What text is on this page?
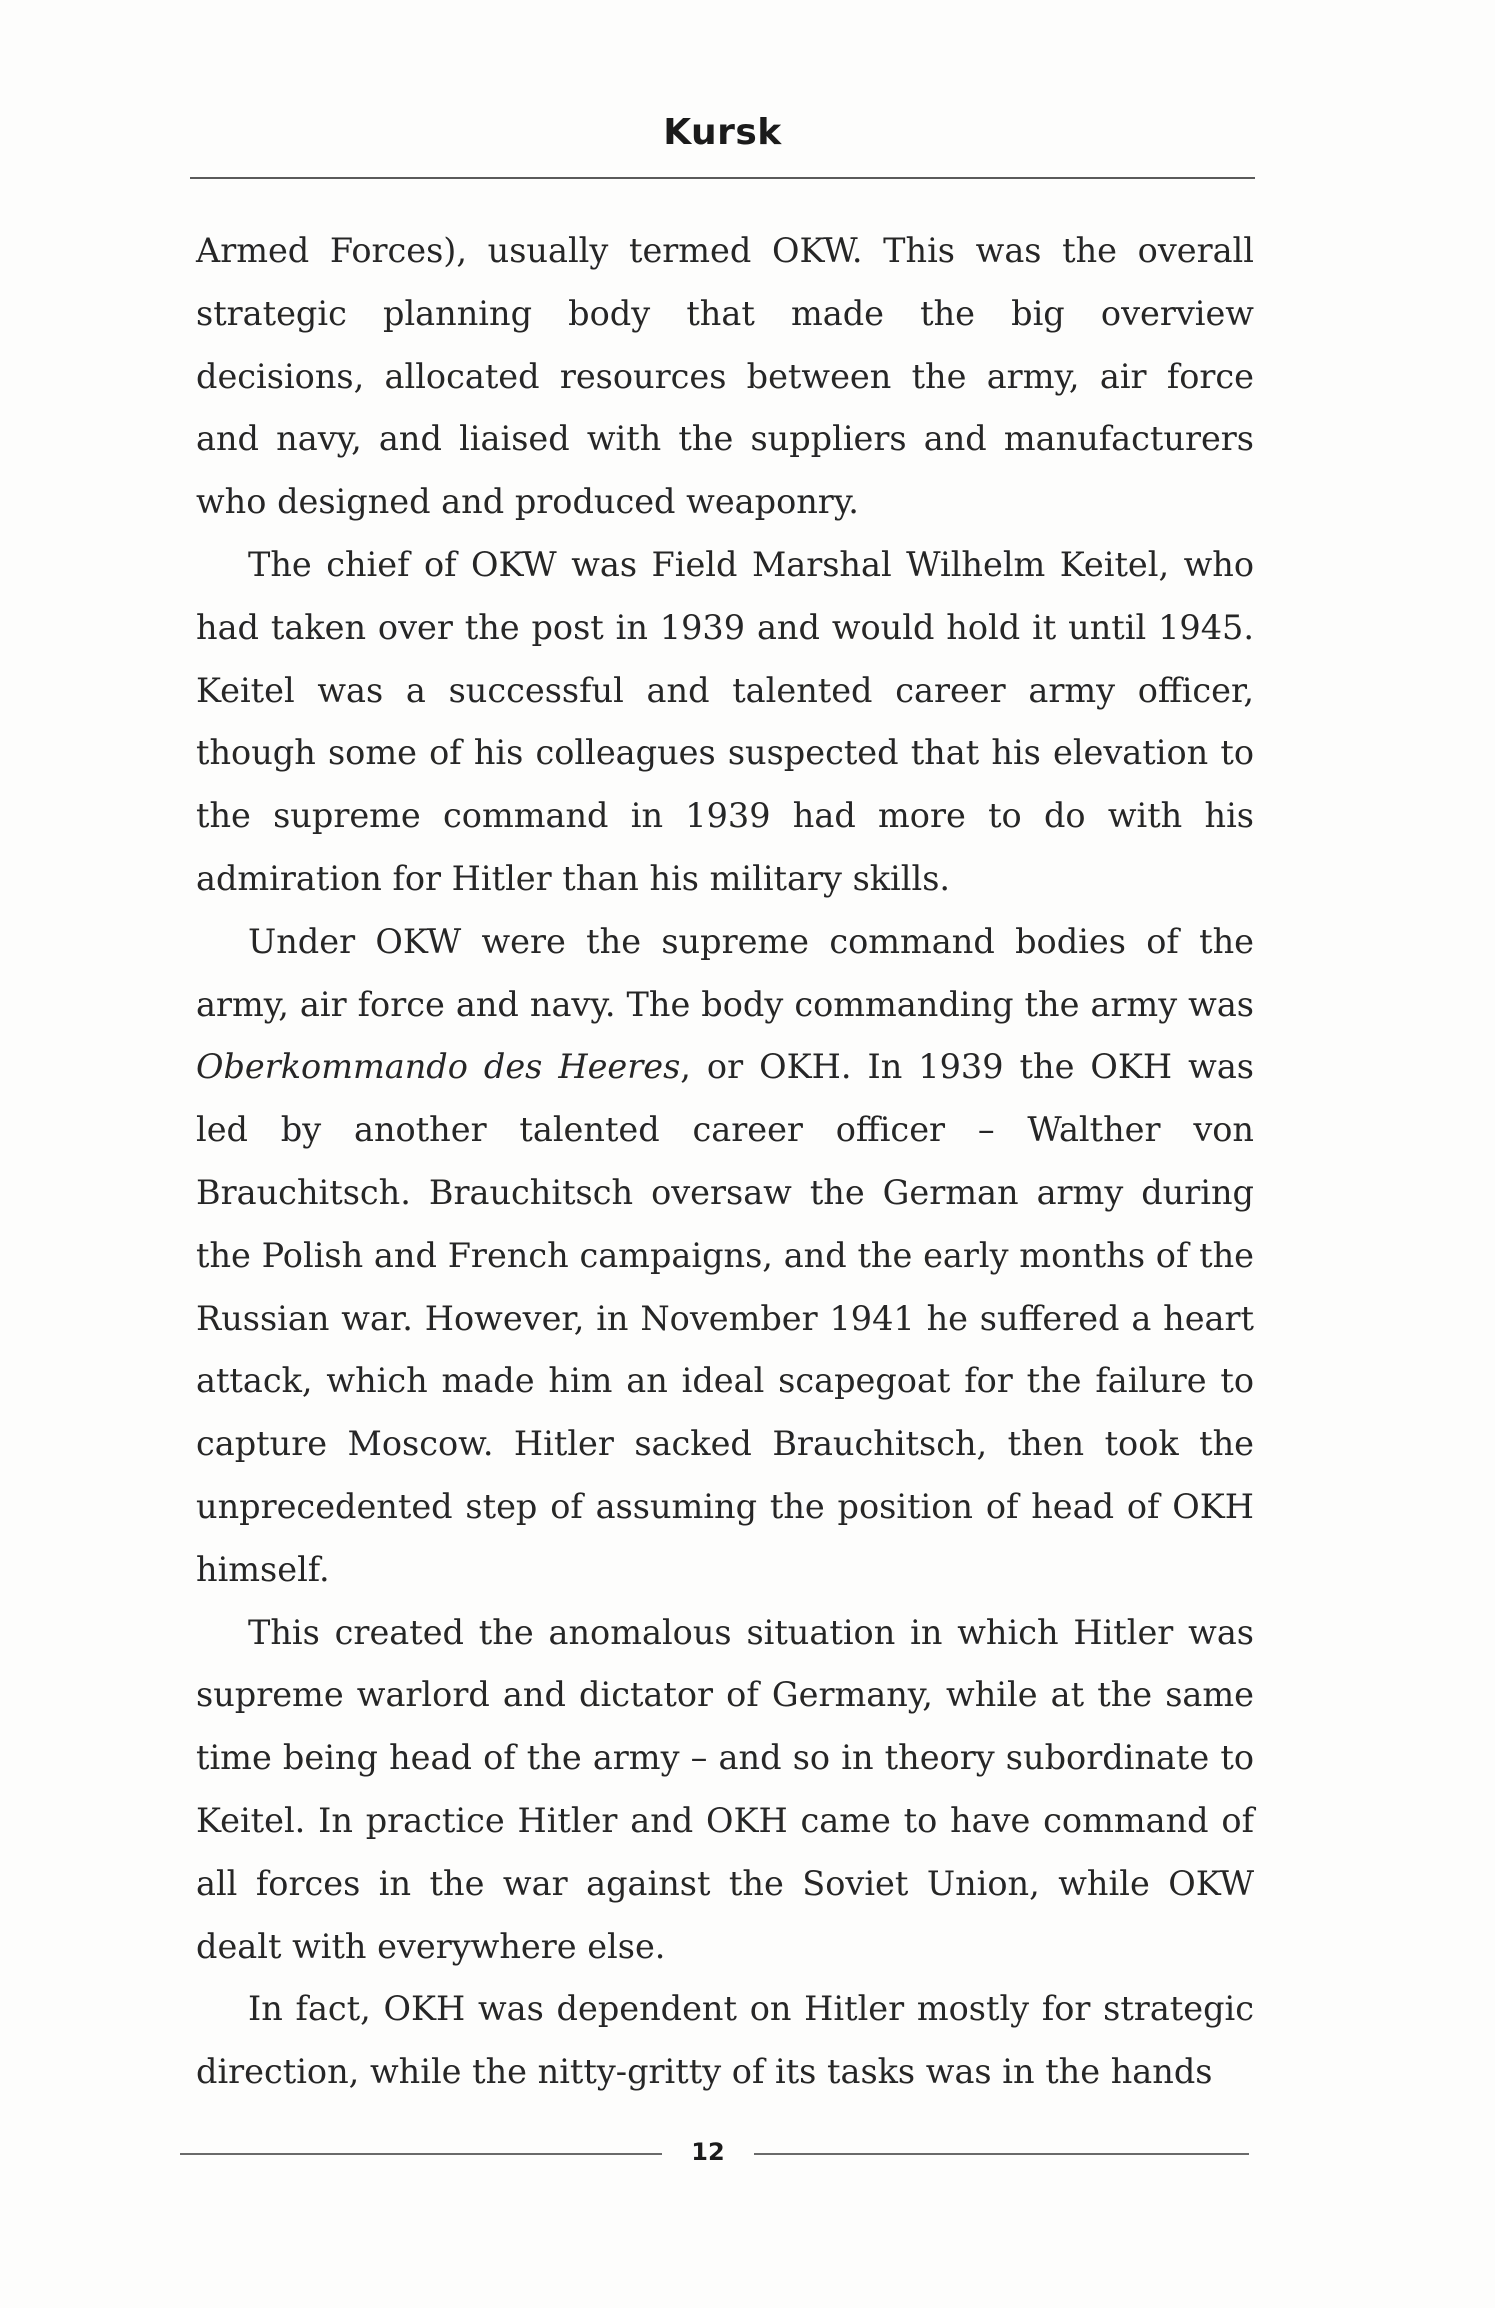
Kursk

Armed Forces), usually termed OKW. This was the overall strategic planning body that made the big overview decisions, allocated resources between the army, air force and navy, and liaised with the suppliers and manufacturers who designed and produced weaponry.

The chief of OKW was Field Marshal Wilhelm Keitel, who had taken over the post in 1939 and would hold it until 1945. Keitel was a successful and talented career army officer, though some of his colleagues suspected that his elevation to the supreme command in 1939 had more to do with his admiration for Hitler than his military skills.

Under OKW were the supreme command bodies of the army, air force and navy. The body commanding the army was Oberkommando des Heeres, or OKH. In 1939 the OKH was led by another talented career officer – Walther von Brauchitsch. Brauchitsch oversaw the German army during the Polish and French campaigns, and the early months of the Russian war. However, in November 1941 he suffered a heart attack, which made him an ideal scapegoat for the failure to capture Moscow. Hitler sacked Brauchitsch, then took the unprecedented step of assuming the position of head of OKH himself.

This created the anomalous situation in which Hitler was supreme warlord and dictator of Germany, while at the same time being head of the army – and so in theory subordinate to Keitel. In practice Hitler and OKH came to have command of all forces in the war against the Soviet Union, while OKW dealt with everywhere else.

In fact, OKH was dependent on Hitler mostly for strategic direction, while the nitty-gritty of its tasks was in the hands

12
